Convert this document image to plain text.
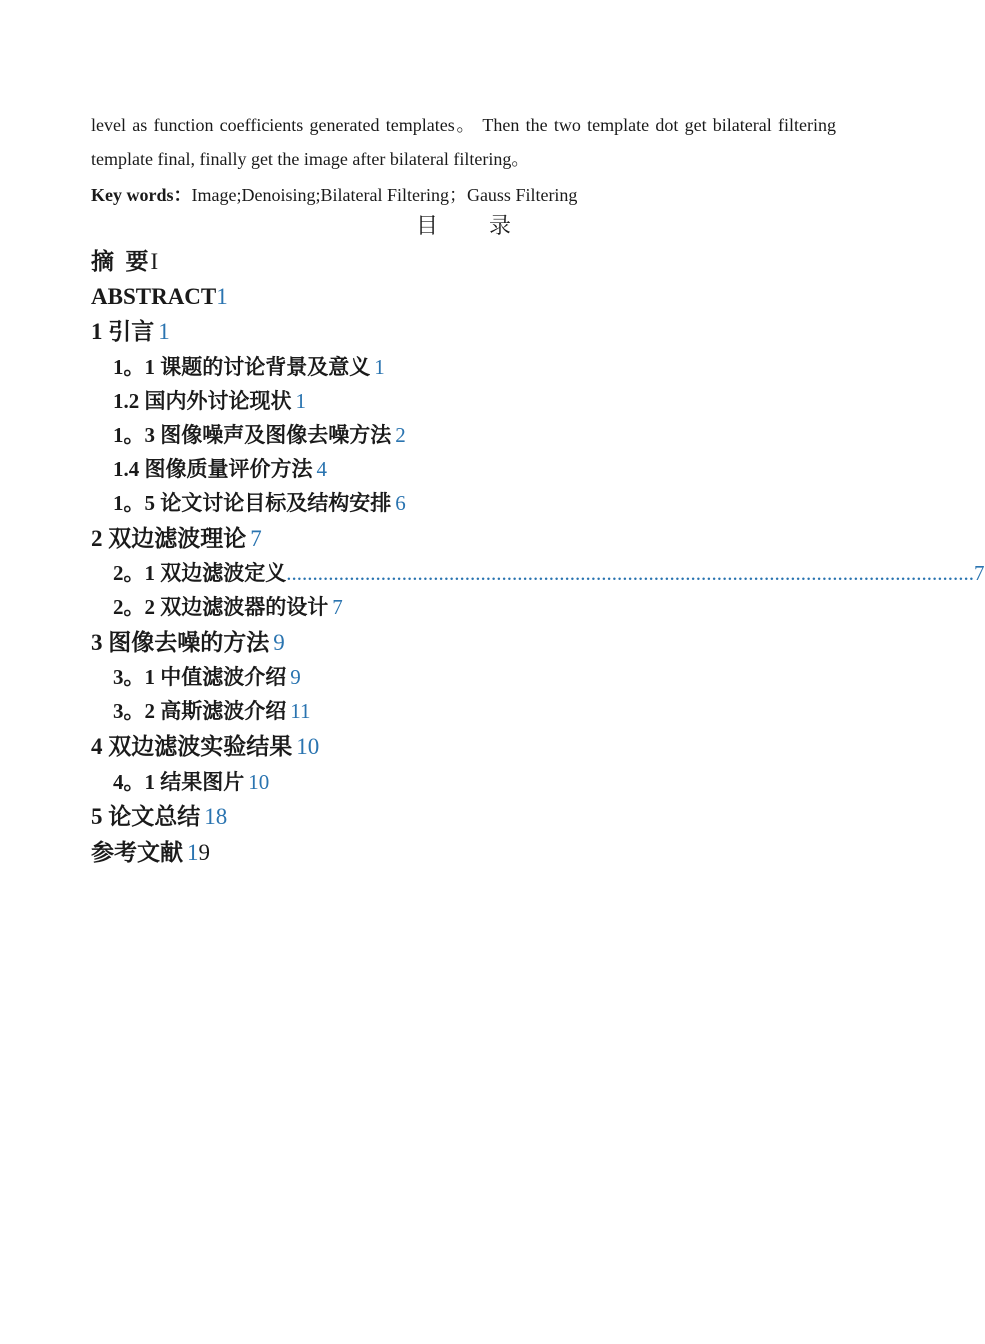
level as function coefficients generated templates。 Then the two template dot get bilateral filtering template final, finally get the image after bilateral filtering。
Key words：Image;Denoising;Bilateral Filtering；Gauss Filtering
目 录
摘  要I
ABSTRACT1
1 引言 1
1。1 课题的讨论背景及意义 1
1.2 国内外讨论现状 1
1。3 图像噪声及图像去噪方法 2
1.4 图像质量评价方法 4
1。5 论文讨论目标及结构安排 6
2 双边滤波理论 7
2。1 双边滤波定义 ................................................................................................................................... 7
2。2 双边滤波器的设计 7
3 图像去噪的方法 9
3。1 中值滤波介绍 9
3。2 高斯滤波介绍 11
4 双边滤波实验结果 10
4。1 结果图片 10
5 论文总结 18
参考文献 19
